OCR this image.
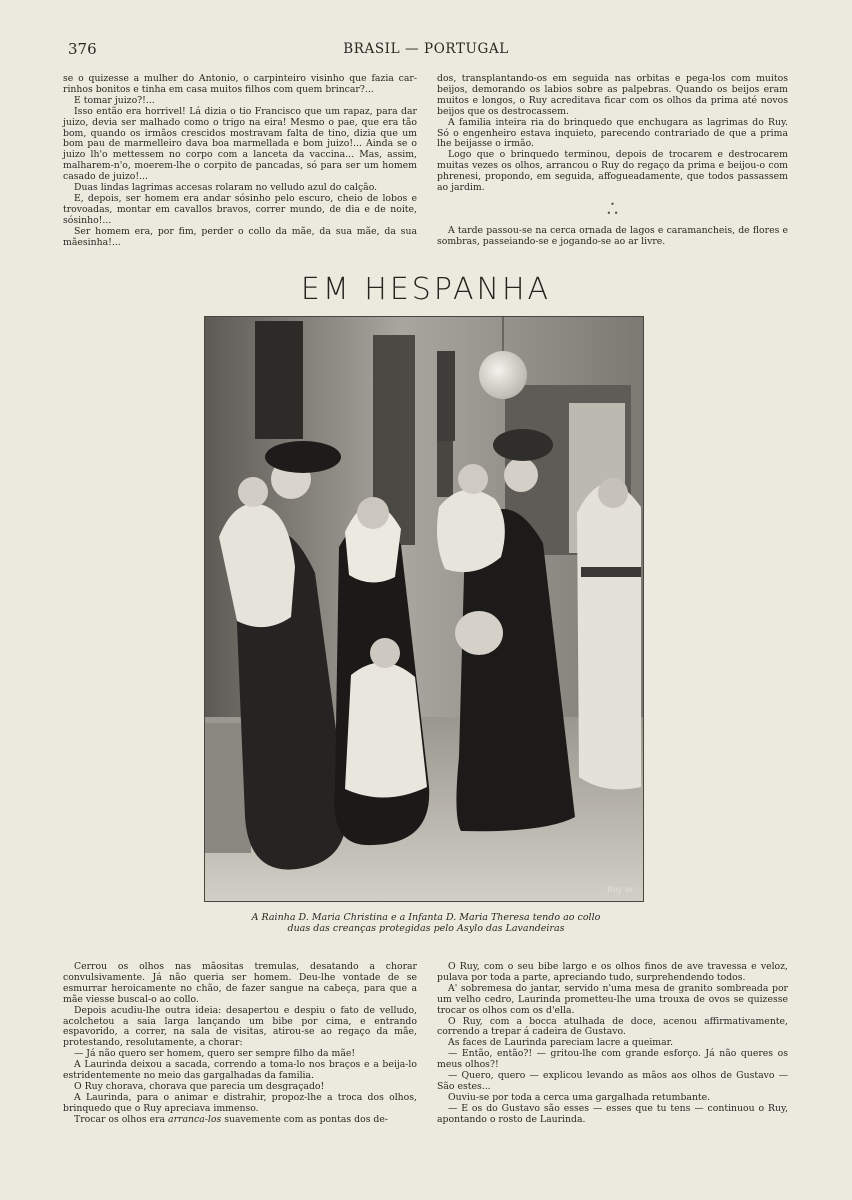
376	BRASIL — PORTUGAL

se o quizesse a mulher do Antonio, o carpinteiro visinho que fazia car-rinhos bonitos e tinha em casa muitos filhos com quem brincar?...

E tomar juizo?!...

Isso então era horrivel! Lá dizia o tio Francisco que um rapaz, para dar juizo, devia ser malhado como o trigo na eira! Mesmo o pae, que era tão bom, quando os irmãos crescidos mostravam falta de tino, dizia que um bom pau de marmelleiro dava boa marmellada e bom juizo!... Ainda se o juizo lh'o mettessem no corpo com a lanceta da vaccina... Mas, assim, malharem-n'o, moerem-lhe o corpito de pancadas, só para ser um homem casado de juizo!...

Duas lindas lagrimas accesas rolaram no velludo azul do calção.

E, depois, ser homem era andar sósinho pelo escuro, cheio de lobos e trovoadas, montar em cavallos bravos, correr mundo, de dia e de noite, sósinho!...

Ser homem era, por fim, perder o collo da mãe, da sua mãe, da sua mãesinha!...

dos, transplantando-os em seguida nas orbitas e pega-los com muitos beijos, demorando os labios sobre as palpebras. Quando os beijos eram muitos e longos, o Ruy acreditava ficar com os olhos da prima até novos beijos que os destrocassem.

A familia inteira ria do brinquedo que enchugara as lagrimas do Ruy. Só o engenheiro estava inquieto, parecendo contrariado de que a prima lhe beijasse o irmão.

Logo que o brinquedo terminou, depois de trocarem e destrocarem muitas vezes os olhos, arrancou o Ruy do regaço da prima e beijou-o com phrenesi, propondo, em seguida, affogueadamente, que todos passassem ao jardim.

•
• •

A tarde passou-se na cerca ornada de lagos e caramancheis, de flores e sombras, passeiando-se e jogando-se ao ar livre.

EM HESPANHA
Rey ar
A Rainha D. Maria Christina e a Infanta D. Maria Theresa tendo ao collo
duas das creanças protegidas pelo Asylo das Lavandeiras

Cerrou os olhos nas mãositas tremulas, desatando a chorar convulsivamente. Já não queria ser homem. Deu-lhe vontade de se esmurrar heroicamente no chão, de fazer sangue na cabeça, para que a mãe viesse buscal-o ao collo.

Depois acudiu-lhe outra ideia: desapertou e despiu o fato de velludo, acolchetou a saia larga lançando um bibe por cima, e entrando espavorido, a correr, na sala de visitas, atirou-se ao regaço da mãe, protestando, resolutamente, a chorar:

— Já não quero ser homem, quero ser sempre filho da mãe!

A Laurinda deixou a sacada, correndo a toma-lo nos braços e a beija-lo estridentemente no meio das gargalhadas da familia.

O Ruy chorava, chorava que parecia um desgraçado!

A Laurinda, para o animar e distrahir, propoz-lhe a troca dos olhos, brinquedo que o Ruy apreciava immenso.

Trocar os olhos era arranca-los suavemente com as pontas dos de-

O Ruy, com o seu bibe largo e os olhos finos de ave travessa e veloz, pulava por toda a parte, apreciando tudo, surprehendendo todos.

A' sobremesa do jantar, servido n'uma mesa de granito sombreada por um velho cedro, Laurinda prometteu-lhe uma trouxa de ovos se quizesse trocar os olhos com os d'ella.

O Ruy, com a bocca atulhada de doce, acenou affirmativamente, correndo a trepar á cadeira de Gustavo.

As faces de Laurinda pareciam lacre a queimar.

— Então, então?! — gritou-lhe com grande esforço. Já não queres os meus olhos?!

— Quero, quero — explicou levando as mãos aos olhos de Gustavo — São estes...

Ouviu-se por toda a cerca uma gargalhada retumbante.

— E os do Gustavo são esses — esses que tu tens — continuou o Ruy, apontando o rosto de Laurinda.
